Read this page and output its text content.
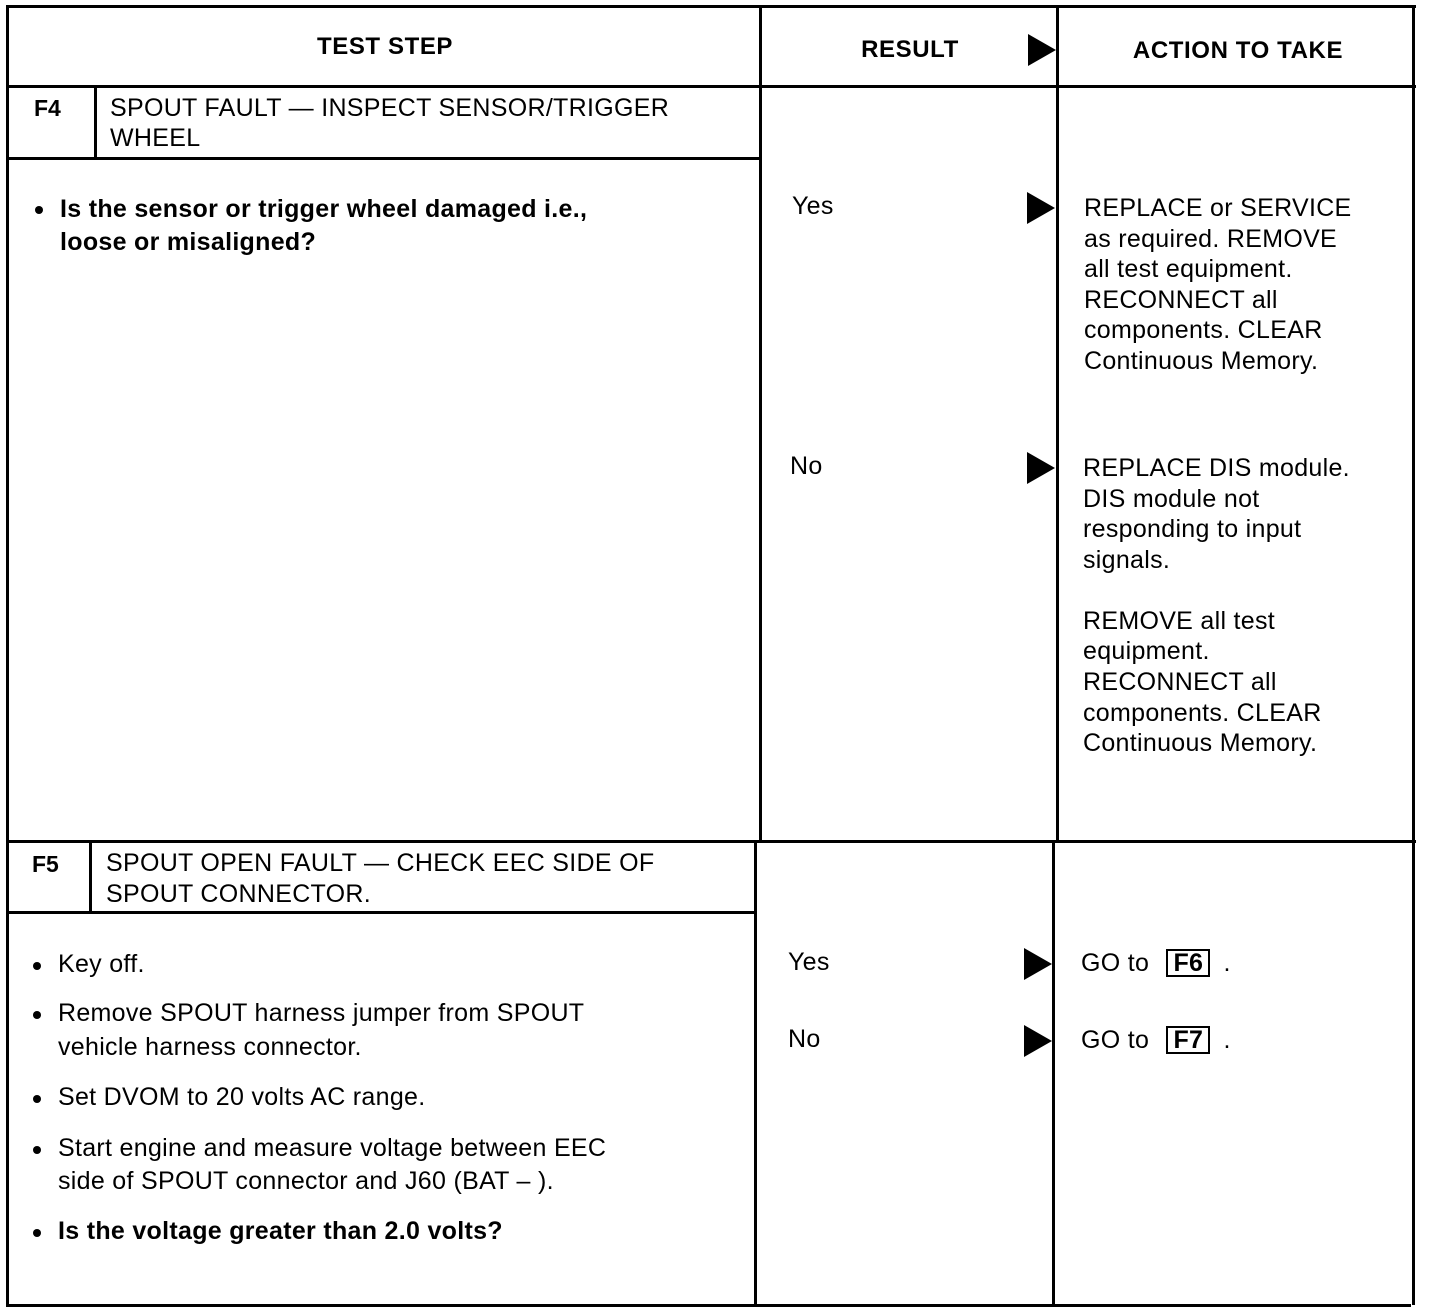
TEST STEP	RESULT	ACTION TO TAKE
F4 SPOUT FAULT — INSPECT SENSOR/TRIGGER
WHEEL
Is the sensor or trigger wheel damaged i.e.,
loose or misaligned?
Yes	REPLACE or SERVICE
as required. REMOVE
all test equipment.
RECONNECT all
components. CLEAR
Continuous Memory.
No	REPLACE DIS module.
DIS module not
responding to input
signals.
REMOVE all test
equipment.
RECONNECT all
components. CLEAR
Continuous Memory.
F5 SPOUT OPEN FAULT — CHECK EEC SIDE OF
SPOUT CONNECTOR.
Key off.
Remove SPOUT harness jumper from SPOUT
vehicle harness connector.
Set DVOM to 20 volts AC range.
Start engine and measure voltage between EEC
side of SPOUT connector and J60 (BAT – ).
Is the voltage greater than 2.0 volts?
Yes	GO to F6 .
No	GO to F7 .
